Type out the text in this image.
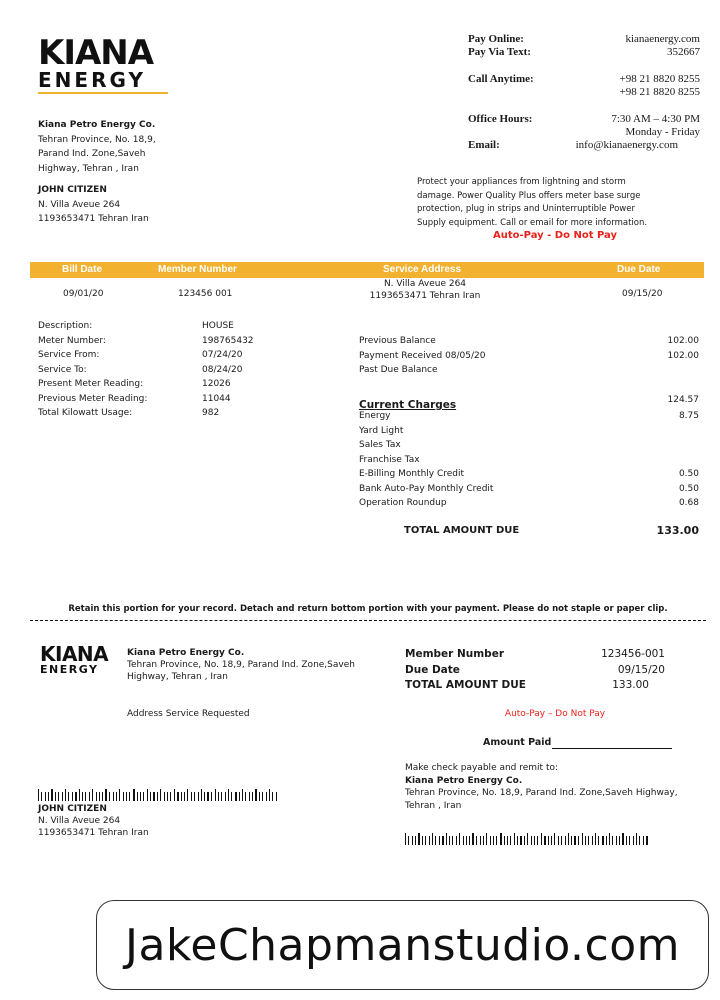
KIANA
ENERGY
Kiana Petro Energy Co.
Tehran Province, No. 18,9,
Parand Ind. Zone,Saveh
Highway, Tehran , Iran
JOHN CITIZEN
N. Villa Aveue 264
1193653471 Tehran Iran
Pay Online:	kianaenergy.com
Pay Via Text:	352667
Call Anytime:	+98 21 8820 8255
+98 21 8820 8255
Office Hours:	7:30 AM – 4:30 PM
Monday - Friday
Email:	info@kianaenergy.com
Protect your appliances from lightning and storm
damage. Power Quality Plus offers meter base surge
protection, plug in strips and Uninterruptible Power
Supply equipment. Call or email for more information.
Auto-Pay - Do Not Pay
Bill Date	Member Number	Service Address	Due Date
09/01/20	123456 001
N. Villa Aveue 264
1193653471 Tehran Iran	09/15/20
Description:	HOUSE
Meter Number:	198765432
Service From:	07/24/20
Service To:	08/24/20
Present Meter Reading:	12026
Previous Meter Reading:	11044
Total Kilowatt Usage:	982
Previous Balance	102.00
Payment Received 08/05/20	102.00
Past Due Balance
Current Charges	124.57
Energy	8.75
Yard Light
Sales Tax
Franchise Tax
E-Billing Monthly Credit	0.50
Bank Auto-Pay Monthly Credit	0.50
Operation Roundup	0.68
TOTAL AMOUNT DUE	133.00
Retain this portion for your record. Detach and return bottom portion with your payment. Please do not staple or paper clip.
KIANA
ENERGY
Kiana Petro Energy Co.
Tehran Province, No. 18,9, Parand Ind. Zone,Saveh
Highway, Tehran , Iran
Address Service Requested
Member Number	123456-001
Due Date	09/15/20
TOTAL AMOUNT DUE	133.00
Auto-Pay – Do Not Pay
Amount Paid
Make check payable and remit to:
Kiana Petro Energy Co.
Tehran Province, No. 18,9, Parand Ind. Zone,Saveh Highway,
Tehran , Iran
JOHN CITIZEN
N. Villa Aveue 264
1193653471 Tehran Iran
JakeChapmanstudio.com
